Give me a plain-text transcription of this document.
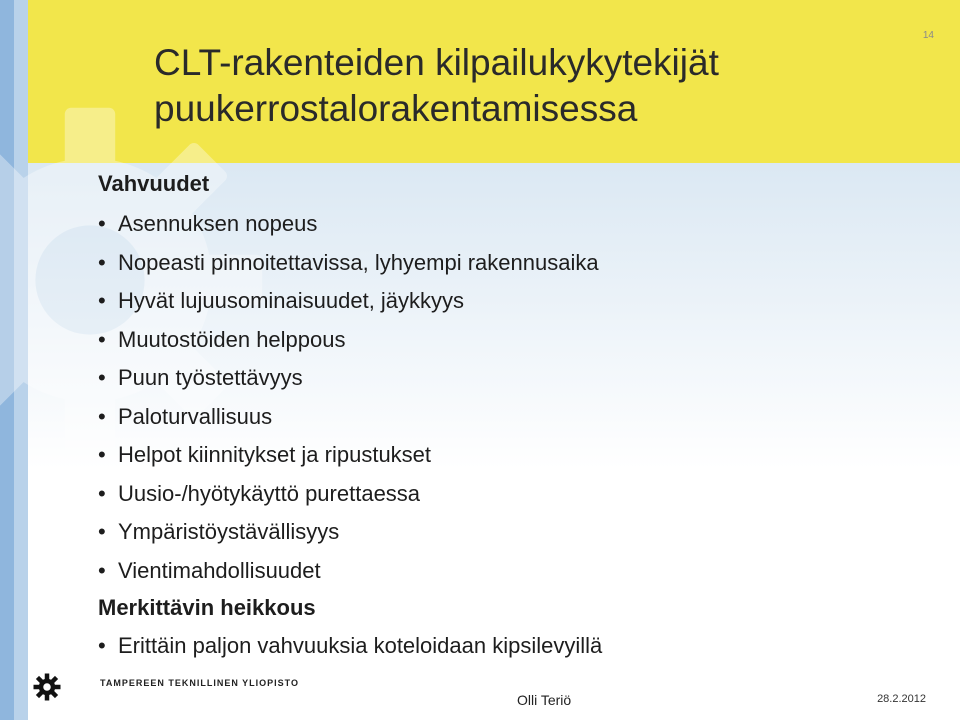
14
CLT-rakenteiden kilpailukykytekijät puukerrostalorakentamisessa
Vahvuudet
• Asennuksen nopeus
• Nopeasti pinnoitettavissa, lyhyempi rakennusaika
• Hyvät lujuusominaisuudet, jäykkyys
• Muutostöiden helppous
• Puun työstettävyys
• Paloturvallisuus
• Helpot kiinnitykset ja ripustukset
• Uusio-/hyötykäyttö purettaessa
• Ympäristöystävällisyys
• Vientimahdollisuudet
Merkittävin heikkous
• Erittäin paljon vahvuuksia koteloidaan kipsilevyillä
TAMPEREEN TEKNILLINEN YLIOPISTO
Olli Teriö	28.2.2012
